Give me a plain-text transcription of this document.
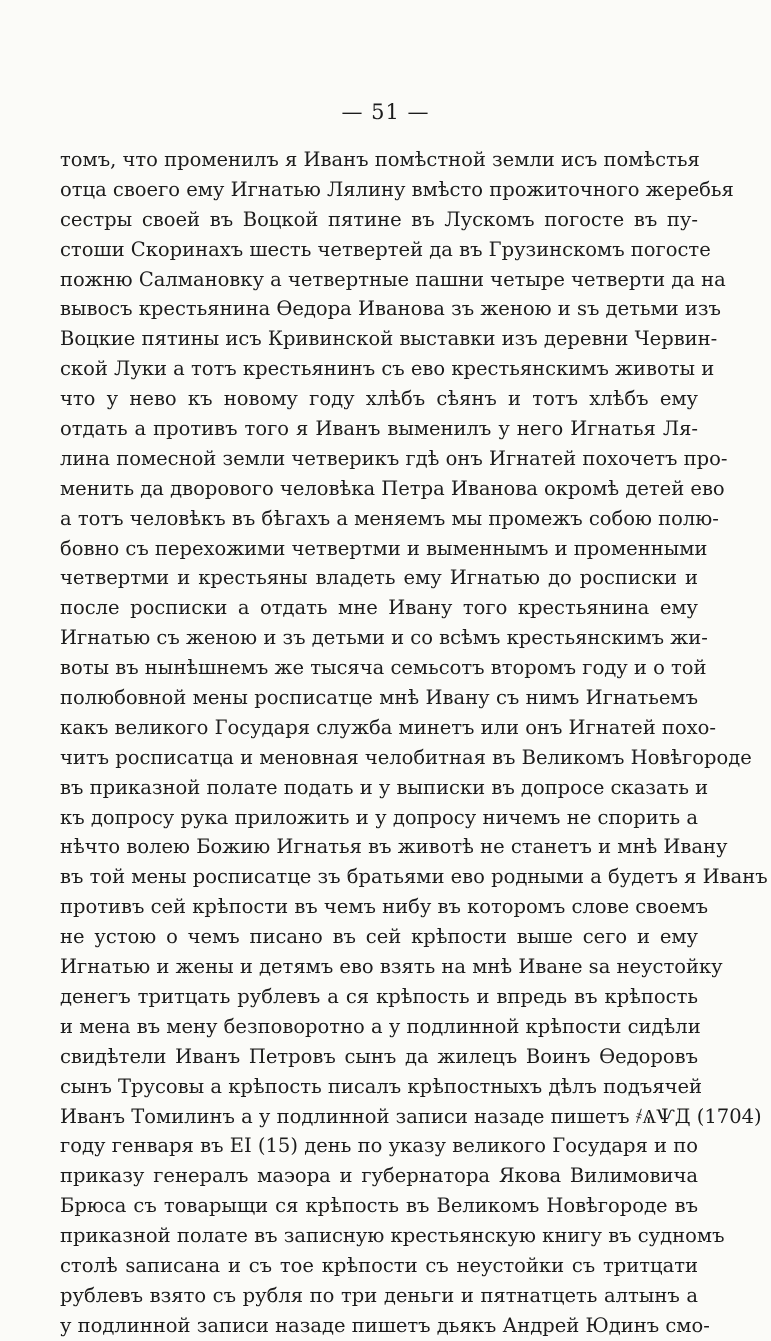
— 51 —
томъ, что променилъ я Иванъ помѣстной земли исъ помѣстья
отца своего ему Игнатью Лялину вмѣсто прожиточного жеребья
сестры своей въ Воцкой пятине въ Лускомъ погосте въ пу-
стоши Скоринахъ шесть четвертей да въ Грузинскомъ погосте
пожню Салмановку а четвертные пашни четыре четверти да на
вывосъ крестьянина Ѳедора Иванова зъ женою и ѕъ детьми изъ
Воцкие пятины исъ Кривинской выставки изъ деревни Червин-
ской Луки а тотъ крестьянинъ съ ево крестьянскимъ животы и
что у нево къ новому году хлѣбъ сѣянъ и тотъ хлѣбъ ему
отдать а противъ того я Иванъ выменилъ у него Игнатья Ля-
лина помесной земли четверикъ гдѣ онъ Игнатей похочетъ про-
менить да дворового человѣка Петра Иванова окромѣ детей ево
а тотъ человѣкъ въ бѣгахъ а меняемъ мы промежъ собою полю-
бовно съ перехожими четвертми и выменнымъ и променными
четвертми и крестьяны владеть ему Игнатью до росписки и
после росписки а отдать мне Ивану того крестьянина ему
Игнатью съ женою и зъ детьми и со всѣмъ крестьянскимъ жи-
воты въ нынѣшнемъ же тысяча семьсотъ второмъ году и о той
полюбовной мены росписатце мнѣ Ивану съ нимъ Игнатьемъ
какъ великого Государя служба минетъ или онъ Игнатей похо-
читъ росписатца и меновная челобитная въ Великомъ Новѣгороде
въ приказной полате подать и у выписки въ допросе сказать и
къ допросу рука приложить и у допросу ничемъ не спорить а
нѣчто волею Божию Игнатья въ животѣ не станетъ и мнѣ Ивану
въ той мены росписатце зъ братьями ево родными а будетъ я Иванъ
противъ сей крѣпости въ чемъ нибу въ которомъ слове своемъ
не устою о чемъ писано въ сей крѣпости выше сего и ему
Игнатью и жены и детямъ ево взять на мнѣ Иване ѕа неустойку
денегъ тритцать рублевъ а ся крѣпость и впредь въ крѣпость
и мена въ мену безповоротно а у подлинной крѣпости сидѣли
свидѣтели Иванъ Петровъ сынъ да жилецъ Воинъ Ѳедоровъ
сынъ Трусовы а крѣпость писалъ крѣпостныхъ дѣлъ подъячей
Иванъ Томилинъ а у подлинной записи назаде пишетъ ҂ѦѰД (1704)
году генваря въ ЕІ (15) день по указу великого Государя и по
приказу генералъ маэора и губернатора Якова Вилимовича
Брюса съ товарыщи ся крѣпость въ Великомъ Новѣгороде въ
приказной полате въ записную крестьянскую книгу въ судномъ
столѣ ѕаписана и съ тое крѣпости съ неустойки съ тритцати
рублевъ взято съ рубля по три деньги и пятнатцеть алтынъ а
у подлинной записи назаде пишетъ дьякъ Андрей Юдинъ смо-
